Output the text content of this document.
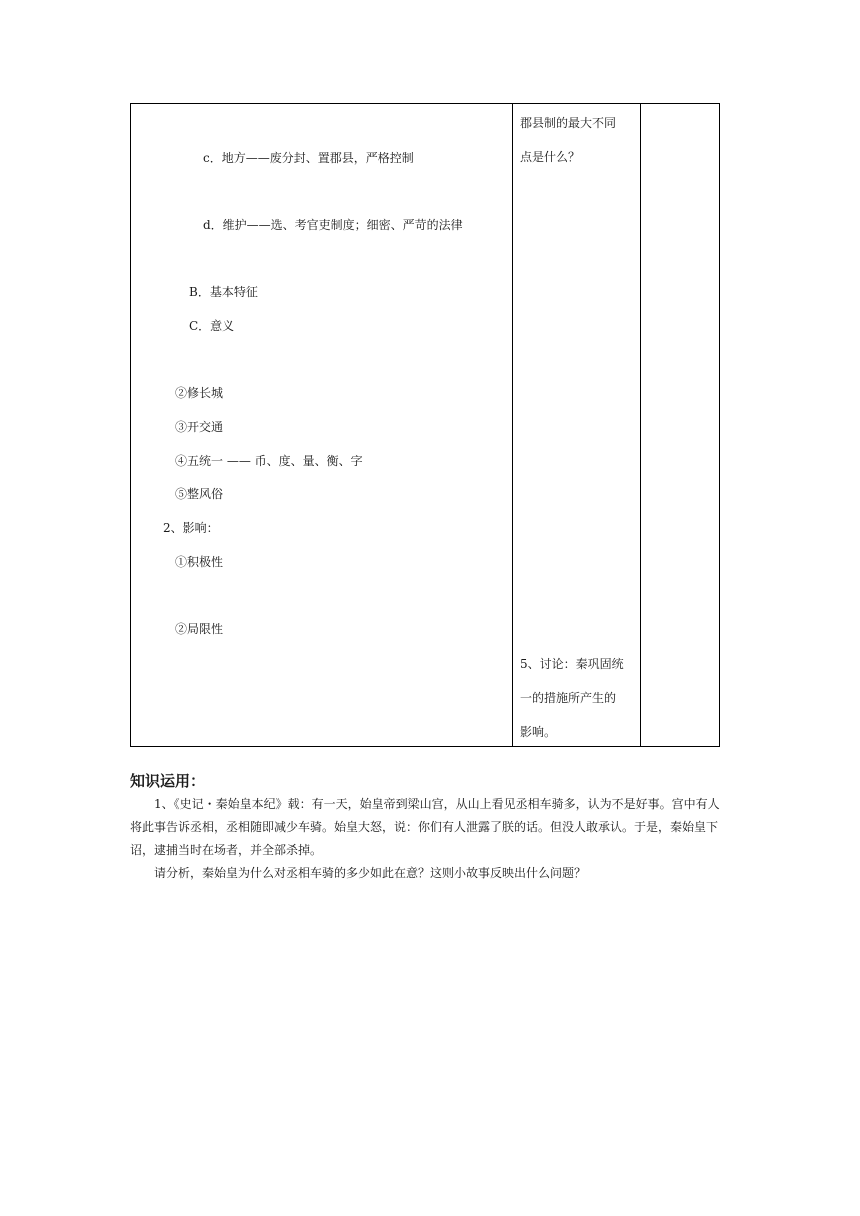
c．地方——废分封、置郡县，严格控制
d．维护——选、考官吏制度；细密、严苛的法律
B．基本特征
C．意义
②修长城
③开交通
④五统一 —— 币、度、量、衡、字
⑤整风俗
2、影响：
①积极性
②局限性
郡县制的最大不同
点是什么？
5、讨论：秦巩固统
一的措施所产生的
影响。
知识运用：

1、《史记・秦始皇本纪》载：有一天，始皇帝到梁山宫，从山上看见丞相车骑多，认为不是好事。宫中有人将此事告诉丞相，丞相随即减少车骑。始皇大怒，说：你们有人泄露了朕的话。但没人敢承认。于是，秦始皇下诏，逮捕当时在场者，并全部杀掉。

请分析，秦始皇为什么对丞相车骑的多少如此在意？这则小故事反映出什么问题？
